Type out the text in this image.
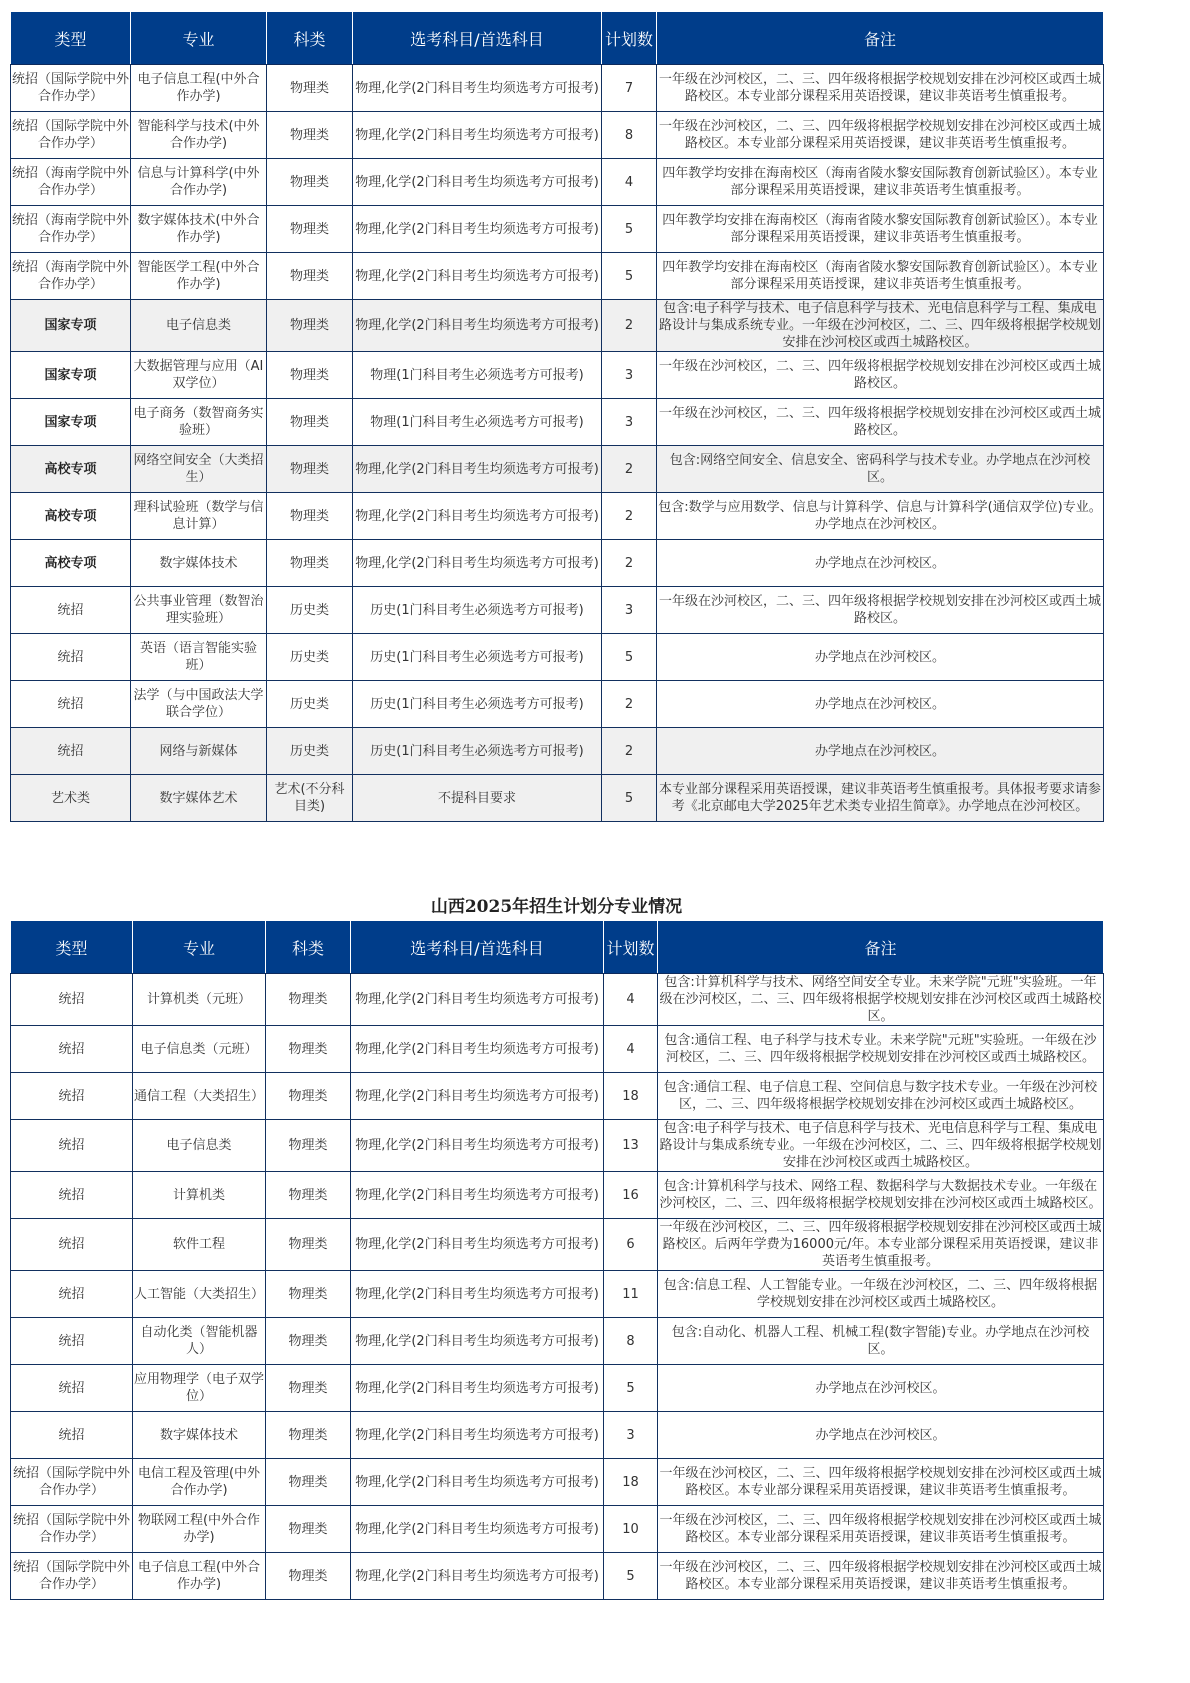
类型	专业	科类	选考科目/首选科目	计划数	备注
统招（国际学院中外合作办学）	电子信息工程(中外合作办学)	物理类	物理,化学(2门科目考生均须选考方可报考)	7	一年级在沙河校区，二、三、四年级将根据学校规划安排在沙河校区或西土城路校区。本专业部分课程采用英语授课，建议非英语考生慎重报考。
统招（国际学院中外合作办学）	智能科学与技术(中外合作办学)	物理类	物理,化学(2门科目考生均须选考方可报考)	8	一年级在沙河校区，二、三、四年级将根据学校规划安排在沙河校区或西土城路校区。本专业部分课程采用英语授课，建议非英语考生慎重报考。
统招（海南学院中外合作办学）	信息与计算科学(中外合作办学)	物理类	物理,化学(2门科目考生均须选考方可报考)	4	四年教学均安排在海南校区（海南省陵水黎安国际教育创新试验区）。本专业部分课程采用英语授课，建议非英语考生慎重报考。
统招（海南学院中外合作办学）	数字媒体技术(中外合作办学)	物理类	物理,化学(2门科目考生均须选考方可报考)	5	四年教学均安排在海南校区（海南省陵水黎安国际教育创新试验区）。本专业部分课程采用英语授课，建议非英语考生慎重报考。
统招（海南学院中外合作办学）	智能医学工程(中外合作办学)	物理类	物理,化学(2门科目考生均须选考方可报考)	5	四年教学均安排在海南校区（海南省陵水黎安国际教育创新试验区）。本专业部分课程采用英语授课，建议非英语考生慎重报考。
国家专项	电子信息类	物理类	物理,化学(2门科目考生均须选考方可报考)	2	包含:电子科学与技术、电子信息科学与技术、光电信息科学与工程、集成电路设计与集成系统专业。一年级在沙河校区，二、三、四年级将根据学校规划安排在沙河校区或西土城路校区。
国家专项	大数据管理与应用（AI双学位）	物理类	物理(1门科目考生必须选考方可报考)	3	一年级在沙河校区，二、三、四年级将根据学校规划安排在沙河校区或西土城路校区。
国家专项	电子商务（数智商务实验班）	物理类	物理(1门科目考生必须选考方可报考)	3	一年级在沙河校区，二、三、四年级将根据学校规划安排在沙河校区或西土城路校区。
高校专项	网络空间安全（大类招生）	物理类	物理,化学(2门科目考生均须选考方可报考)	2	包含:网络空间安全、信息安全、密码科学与技术专业。办学地点在沙河校区。
高校专项	理科试验班（数学与信息计算）	物理类	物理,化学(2门科目考生均须选考方可报考)	2	包含:数学与应用数学、信息与计算科学、信息与计算科学(通信双学位)专业。办学地点在沙河校区。
高校专项	数字媒体技术	物理类	物理,化学(2门科目考生均须选考方可报考)	2	办学地点在沙河校区。
统招	公共事业管理（数智治理实验班）	历史类	历史(1门科目考生必须选考方可报考)	3	一年级在沙河校区，二、三、四年级将根据学校规划安排在沙河校区或西土城路校区。
统招	英语（语言智能实验班）	历史类	历史(1门科目考生必须选考方可报考)	5	办学地点在沙河校区。
统招	法学（与中国政法大学联合学位）	历史类	历史(1门科目考生必须选考方可报考)	2	办学地点在沙河校区。
统招	网络与新媒体	历史类	历史(1门科目考生必须选考方可报考)	2	办学地点在沙河校区。
艺术类	数字媒体艺术	艺术(不分科目类)	不提科目要求	5	本专业部分课程采用英语授课，建议非英语考生慎重报考。具体报考要求请参考《北京邮电大学2025年艺术类专业招生简章》。办学地点在沙河校区。
山西2025年招生计划分专业情况
类型	专业	科类	选考科目/首选科目	计划数	备注
统招	计算机类（元班）	物理类	物理,化学(2门科目考生均须选考方可报考)	4	包含:计算机科学与技术、网络空间安全专业。未来学院"元班"实验班。一年级在沙河校区，二、三、四年级将根据学校规划安排在沙河校区或西土城路校区。
统招	电子信息类（元班）	物理类	物理,化学(2门科目考生均须选考方可报考)	4	包含:通信工程、电子科学与技术专业。未来学院"元班"实验班。一年级在沙河校区，二、三、四年级将根据学校规划安排在沙河校区或西土城路校区。
统招	通信工程（大类招生）	物理类	物理,化学(2门科目考生均须选考方可报考)	18	包含:通信工程、电子信息工程、空间信息与数字技术专业。一年级在沙河校区，二、三、四年级将根据学校规划安排在沙河校区或西土城路校区。
统招	电子信息类	物理类	物理,化学(2门科目考生均须选考方可报考)	13	包含:电子科学与技术、电子信息科学与技术、光电信息科学与工程、集成电路设计与集成系统专业。一年级在沙河校区，二、三、四年级将根据学校规划安排在沙河校区或西土城路校区。
统招	计算机类	物理类	物理,化学(2门科目考生均须选考方可报考)	16	包含:计算机科学与技术、网络工程、数据科学与大数据技术专业。一年级在沙河校区，二、三、四年级将根据学校规划安排在沙河校区或西土城路校区。
统招	软件工程	物理类	物理,化学(2门科目考生均须选考方可报考)	6	一年级在沙河校区，二、三、四年级将根据学校规划安排在沙河校区或西土城路校区。后两年学费为16000元/年。本专业部分课程采用英语授课，建议非英语考生慎重报考。
统招	人工智能（大类招生）	物理类	物理,化学(2门科目考生均须选考方可报考)	11	包含:信息工程、人工智能专业。一年级在沙河校区，二、三、四年级将根据学校规划安排在沙河校区或西土城路校区。
统招	自动化类（智能机器人）	物理类	物理,化学(2门科目考生均须选考方可报考)	8	包含:自动化、机器人工程、机械工程(数字智能)专业。办学地点在沙河校区。
统招	应用物理学（电子双学位）	物理类	物理,化学(2门科目考生均须选考方可报考)	5	办学地点在沙河校区。
统招	数字媒体技术	物理类	物理,化学(2门科目考生均须选考方可报考)	3	办学地点在沙河校区。
统招（国际学院中外合作办学）	电信工程及管理(中外合作办学)	物理类	物理,化学(2门科目考生均须选考方可报考)	18	一年级在沙河校区，二、三、四年级将根据学校规划安排在沙河校区或西土城路校区。本专业部分课程采用英语授课，建议非英语考生慎重报考。
统招（国际学院中外合作办学）	物联网工程(中外合作办学)	物理类	物理,化学(2门科目考生均须选考方可报考)	10	一年级在沙河校区，二、三、四年级将根据学校规划安排在沙河校区或西土城路校区。本专业部分课程采用英语授课，建议非英语考生慎重报考。
统招（国际学院中外合作办学）	电子信息工程(中外合作办学)	物理类	物理,化学(2门科目考生均须选考方可报考)	5	一年级在沙河校区，二、三、四年级将根据学校规划安排在沙河校区或西土城路校区。本专业部分课程采用英语授课，建议非英语考生慎重报考。
